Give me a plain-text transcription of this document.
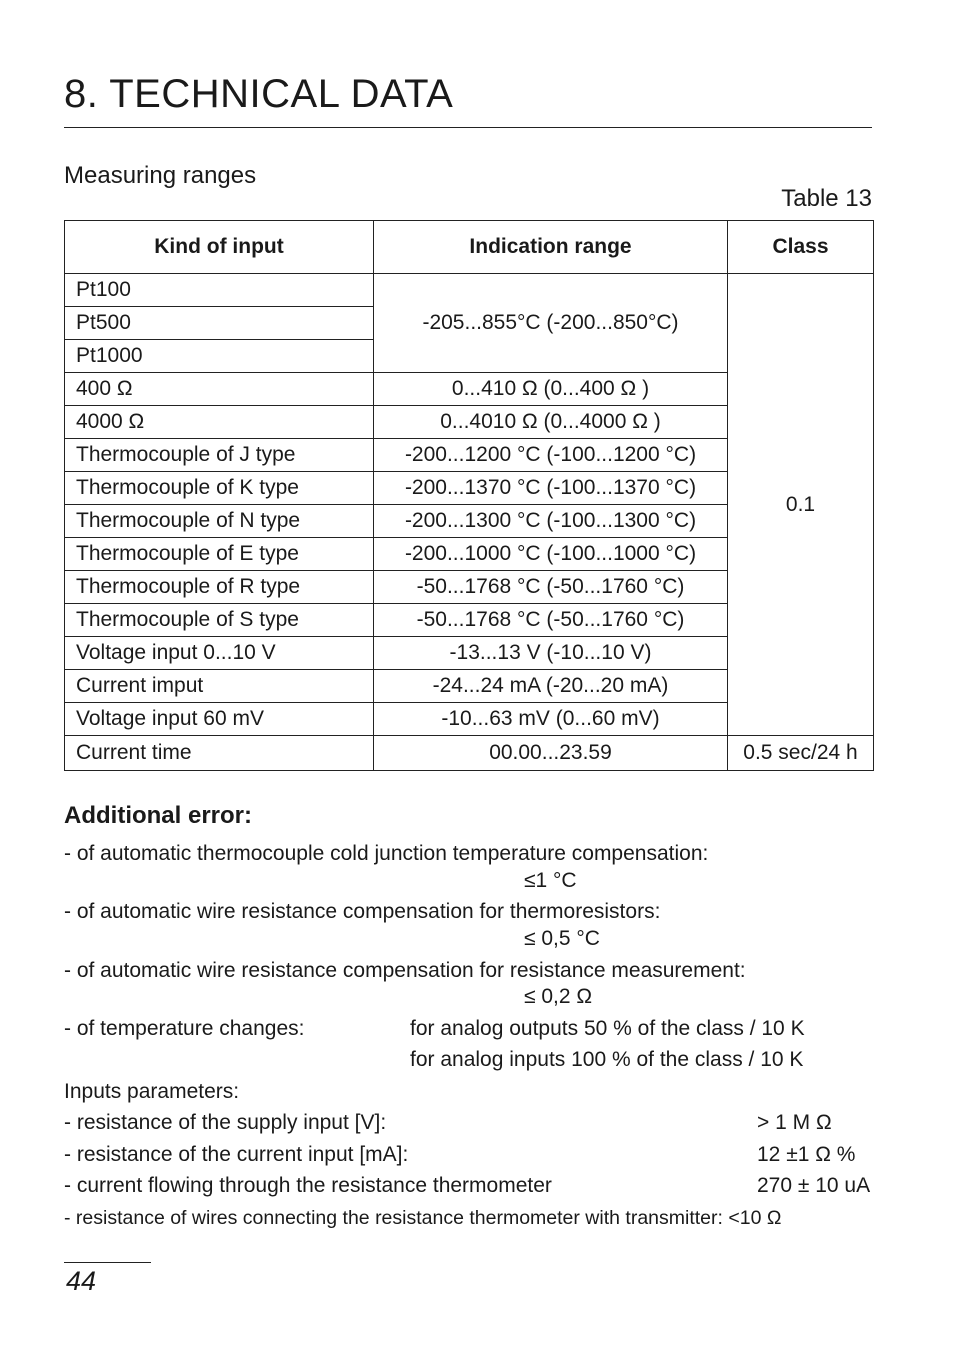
8. TECHNICAL DATA
Measuring ranges
Table 13
Kind of input	Indication range	Class
Pt100	-205...855°C (-200...850°C)	0.1
Pt500		
Pt1000		
400 Ω	0...410 Ω (0...400 Ω )	
4000 Ω	0...4010 Ω (0...4000 Ω )	
Thermocouple of J type	-200...1200 °C (-100...1200 °C)	
Thermocouple of K type	-200...1370 °C (-100...1370 °C)	
Thermocouple of N type	-200...1300 °C (-100...1300 °C)	
Thermocouple of E type	-200...1000 °C (-100...1000 °C)	
Thermocouple of R type	-50...1768 °C (-50...1760 °C)	
Thermocouple of S type	-50...1768 °C (-50...1760 °C)	
Voltage input 0...10 V	-13...13 V (-10...10 V)	
Current imput	-24...24 mA (-20...20 mA)	
Voltage input 60 mV	-10...63 mV (0...60 mV)	
Current time	00.00...23.59	0.5 sec/24 h
Additional error:
- of automatic thermocouple cold junction temperature compensation:
≤1 °C
- of automatic wire resistance compensation for thermoresistors:
≤ 0,5 °C
- of automatic wire resistance compensation for resistance measurement:
≤ 0,2 Ω
- of temperature changes:	for analog outputs 50 % of the class / 10 K
for analog inputs 100 % of the class / 10 K
Inputs parameters:
- resistance of the supply input [V]:	> 1 M Ω
- resistance of the current input [mA]:	12 ±1 Ω %
- current flowing through the resistance thermometer	270 ± 10 uA
- resistance of wires connecting the resistance thermometer with transmitter: <10 Ω
44
